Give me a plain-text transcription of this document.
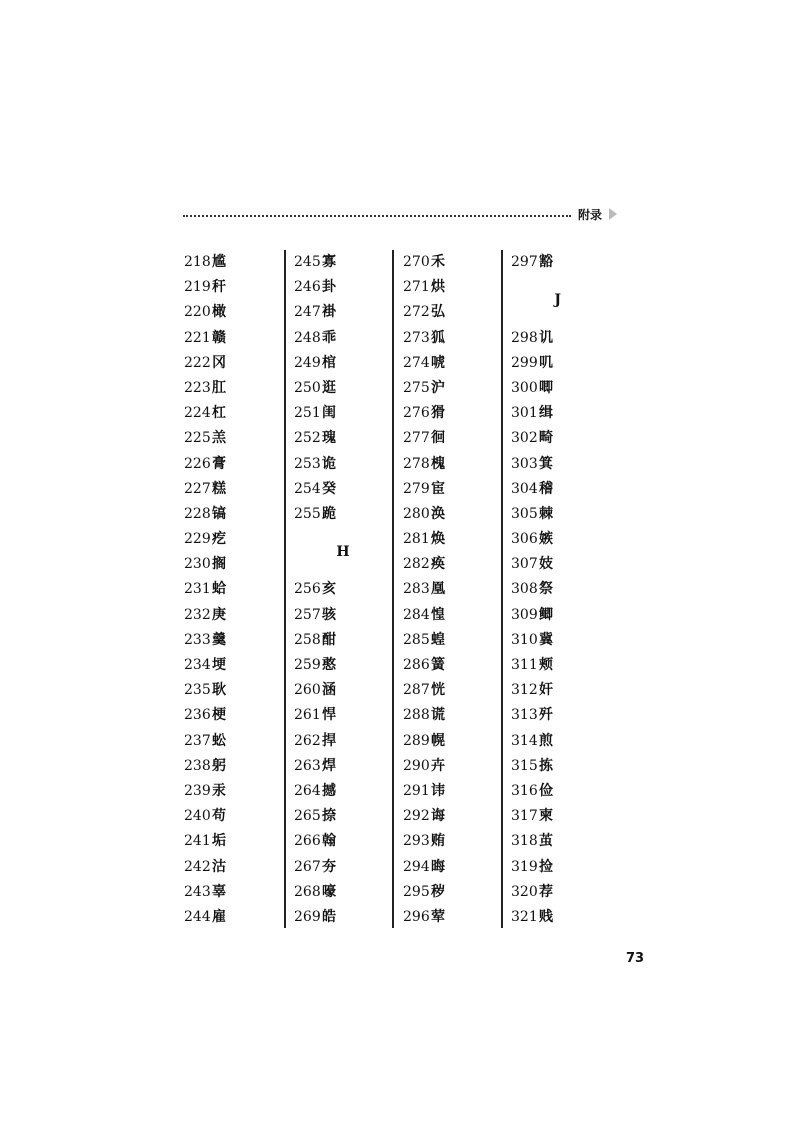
附录
218尴
219秆
220橄
221赣
222冈
223肛
224杠
225羔
226膏
227糕
228镐
229疙
230搁
231蛤
232庚
233羹
234埂
235耿
236梗
237蚣
238躬
239汞
240苟
241垢
242沽
243辜
244雇
245寡
246卦
247褂
248乖
249棺
250逛
251闺
252瑰
253诡
254癸
255跪
H
256亥
257骇
258酣
259憨
260涵
261悍
262捍
263焊
264撼
265捺
266翰
267夯
268嚎
269皓
270禾
271烘
272弘
273狐
274唬
275沪
276猾
277徊
278槐
279宦
280涣
281焕
282痪
283凰
284惶
285蝗
286簧
287恍
288谎
289幌
290卉
291讳
292诲
293贿
294晦
295秽
296荤
297豁
J
298讥
299叽
300唧
301缉
302畸
303箕
304稽
305棘
306嫉
307妓
308祭
309鲫
310冀
311颊
312奸
313歼
314煎
315拣
316俭
317柬
318茧
319捡
320荐
321贱
73
